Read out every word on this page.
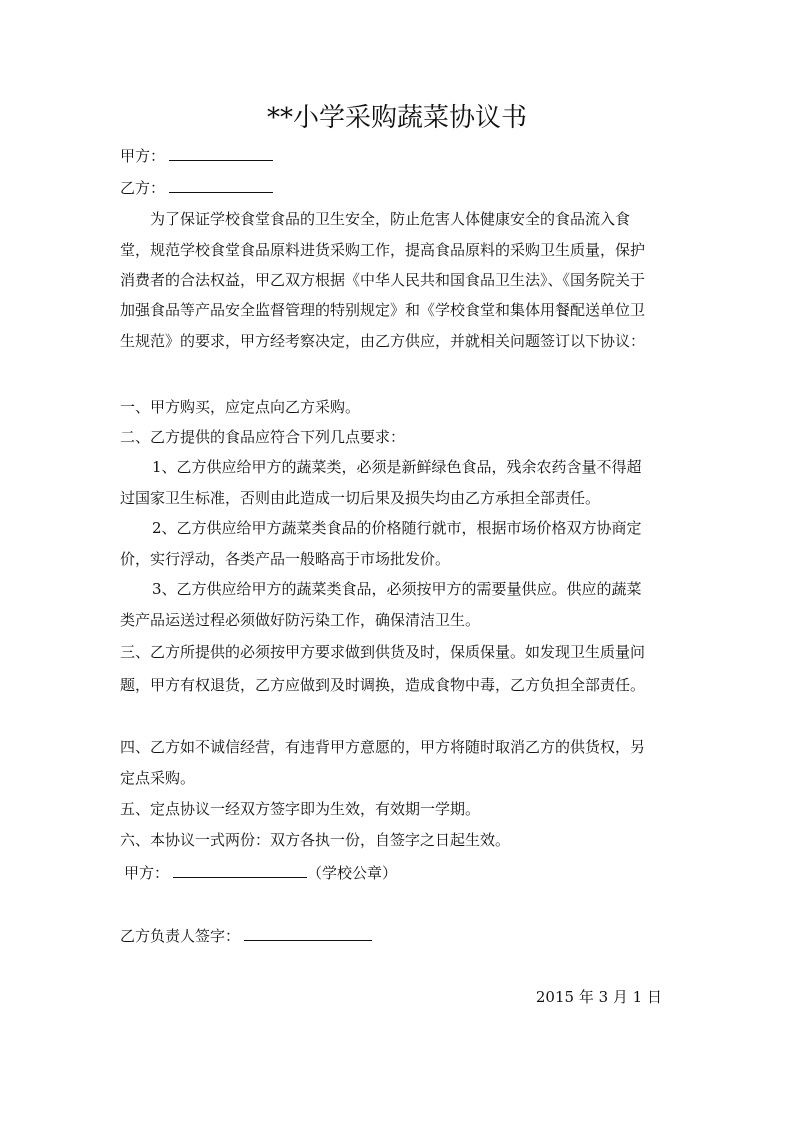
**小学采购蔬菜协议书
甲方：
乙方：
为了保证学校食堂食品的卫生安全，防止危害人体健康安全的食品流入食
堂，规范学校食堂食品原料进货采购工作，提高食品原料的采购卫生质量，保护
消费者的合法权益，甲乙双方根据《中华人民共和国食品卫生法》、《国务院关于
加强食品等产品安全监督管理的特别规定》和《学校食堂和集体用餐配送单位卫
生规范》的要求，甲方经考察决定，由乙方供应，并就相关问题签订以下协议：
一、甲方购买，应定点向乙方采购。
二、乙方提供的食品应符合下列几点要求：
1、乙方供应给甲方的蔬菜类，必须是新鲜绿色食品，残余农药含量不得超
过国家卫生标准，否则由此造成一切后果及损失均由乙方承担全部责任。
2、乙方供应给甲方蔬菜类食品的价格随行就市，根据市场价格双方协商定
价，实行浮动，各类产品一般略高于市场批发价。
3、乙方供应给甲方的蔬菜类食品，必须按甲方的需要量供应。供应的蔬菜
类产品运送过程必须做好防污染工作，确保清洁卫生。
三、乙方所提供的必须按甲方要求做到供货及时，保质保量。如发现卫生质量问
题，甲方有权退货，乙方应做到及时调换，造成食物中毒，乙方负担全部责任。
四、乙方如不诚信经营，有违背甲方意愿的，甲方将随时取消乙方的供货权，另
定点采购。
五、定点协议一经双方签字即为生效，有效期一学期。
六、本协议一式两份：双方各执一份，自签字之日起生效。
甲方：	（学校公章）
乙方负责人签字：
2015 年 3 月 1 日
